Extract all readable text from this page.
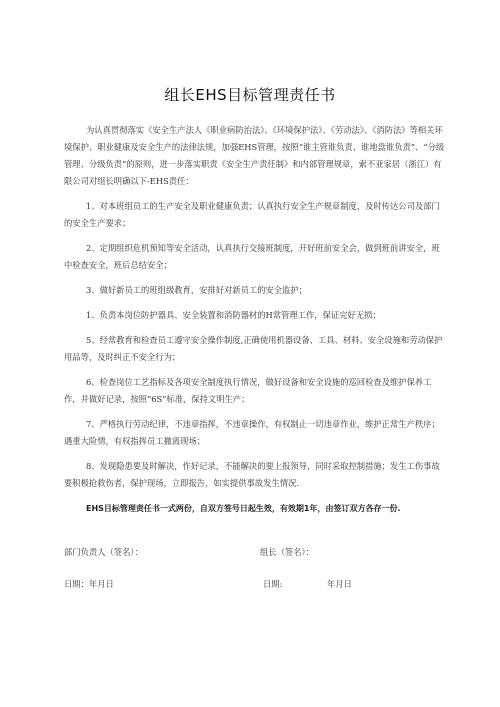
组长EHS目标管理责任书

为认真贯彻落实《安全生产法人《职业病防治法》、《环境保护法》、《劳动法》、《消防法》等相关环境保护、职业健康及安全生产的法律法规，加强EHS管理，按照“谁主管谁负责、谁地盘谁负责”、“分级管理、分级负责”的原则，进一步落实职责《安全生产责任制》和内部管理规章，索不亚家居（浙江）有限公司对组长明确以下-EHS责任：

1、对本班组员工的生产安全及职业健康负责；认真执行安全生产规章制度，及时传达公司及部门的安全生产要求；

2、定期组织危机预知等安全活动，认真执行交接班制度，开好班前安全会，做到班前讲安全，班中检查安全，班后总结安全；

3、做好新员工的班组级教育，安排好对新员工的安全监护；

1、负责本岗位防护器具、安全装置和消防器材的H常管理工作，保证完好无损；

5、经常教育和检查员工遵守安全操作制度,正确使用机器设备、工具、材料、安全设施和劳动保护用品等，及时纠正不安全行为；

6、检查岗位工艺指标及各项安全制度执行情况，做好设备和安全设施的巡回检查及维护保养工作，并做好记录，按照“6S”标准，保持文明生产；

7、严格执行劳动纪律，不违章指挥，不违章操作，有权制止一切违章作业，维护正常生产秩序；遇重大险情，有权指挥员工撤离现场；

8、发现隐患要及时解决，作好记录，不能解决的要上报领导，同时采取控制措施；发生工伤事故要积极抢救伤者，保护现场，立即报告，如实提供事故发生情况.

EHS目标管理责任书一式两份，自双方签号日起生效，有效期1年，由签订双方各存一份.

部门负责人（签名）：	组长（签名）：
日期：年月日	日期:	年月日
